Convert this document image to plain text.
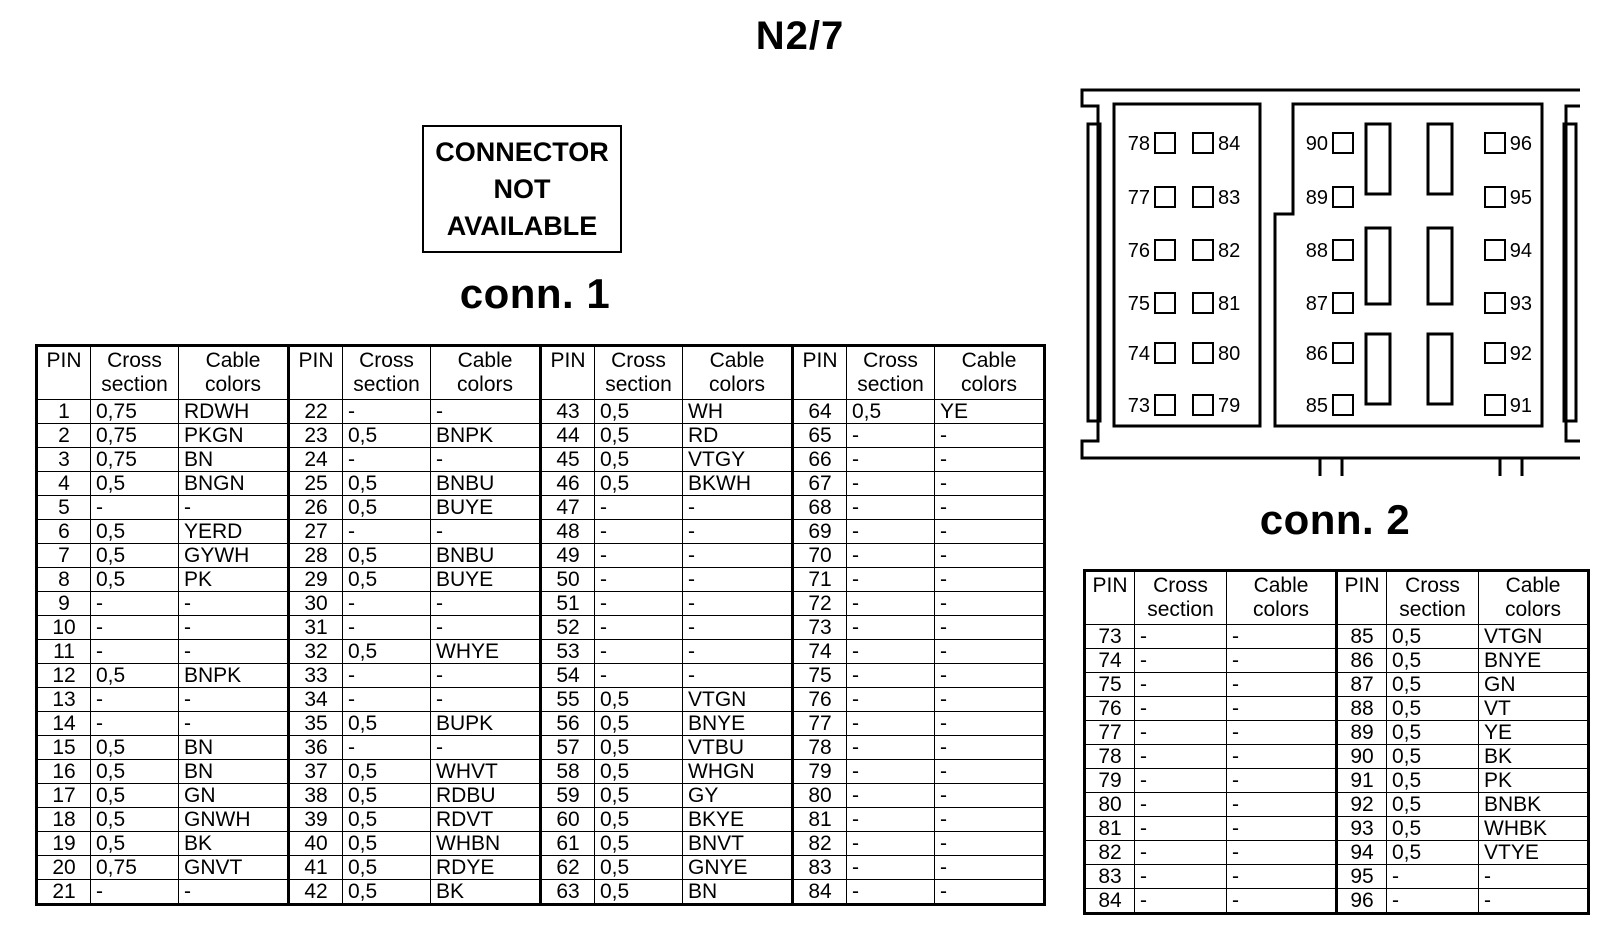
N2/7
CONNECTOR
NOT
AVAILABLE
conn. 1
conn. 2
PIN	Cross section	Cable colors	PIN	Cross section	Cable colors	PIN	Cross section	Cable colors	PIN	Cross section	Cable colors
1	0,75	RDWH	22	-	-	43	0,5	WH	64	0,5	YE
2	0,75	PKGN	23	0,5	BNPK	44	0,5	RD	65	-	-
3	0,75	BN	24	-	-	45	0,5	VTGY	66	-	-
4	0,5	BNGN	25	0,5	BNBU	46	0,5	BKWH	67	-	-
5	-	-	26	0,5	BUYE	47	-	-	68	-	-
6	0,5	YERD	27	-	-	48	-	-	69	-	-
7	0,5	GYWH	28	0,5	BNBU	49	-	-	70	-	-
8	0,5	PK	29	0,5	BUYE	50	-	-	71	-	-
9	-	-	30	-	-	51	-	-	72	-	-
10	-	-	31	-	-	52	-	-	73	-	-
11	-	-	32	0,5	WHYE	53	-	-	74	-	-
12	0,5	BNPK	33	-	-	54	-	-	75	-	-
13	-	-	34	-	-	55	0,5	VTGN	76	-	-
14	-	-	35	0,5	BUPK	56	0,5	BNYE	77	-	-
15	0,5	BN	36	-	-	57	0,5	VTBU	78	-	-
16	0,5	BN	37	0,5	WHVT	58	0,5	WHGN	79	-	-
17	0,5	GN	38	0,5	RDBU	59	0,5	GY	80	-	-
18	0,5	GNWH	39	0,5	RDVT	60	0,5	BKYE	81	-	-
19	0,5	BK	40	0,5	WHBN	61	0,5	BNVT	82	-	-
20	0,75	GNVT	41	0,5	RDYE	62	0,5	GNYE	83	-	-
21	-	-	42	0,5	BK	63	0,5	BN	84	-	-
PIN	Cross section	Cable colors	PIN	Cross section	Cable colors
73	-	-	85	0,5	VTGN
74	-	-	86	0,5	BNYE
75	-	-	87	0,5	GN
76	-	-	88	0,5	VT
77	-	-	89	0,5	YE
78	-	-	90	0,5	BK
79	-	-	91	0,5	PK
80	-	-	92	0,5	BNBK
81	-	-	93	0,5	WHBK
82	-	-	94	0,5	VTYE
83	-	-	95	-	-
84	-	-	96	-	-
78	84	90	96
77	83	89	95
76	82	88	94
75	81	87	93
74	80	86	92
73	79	85	91
